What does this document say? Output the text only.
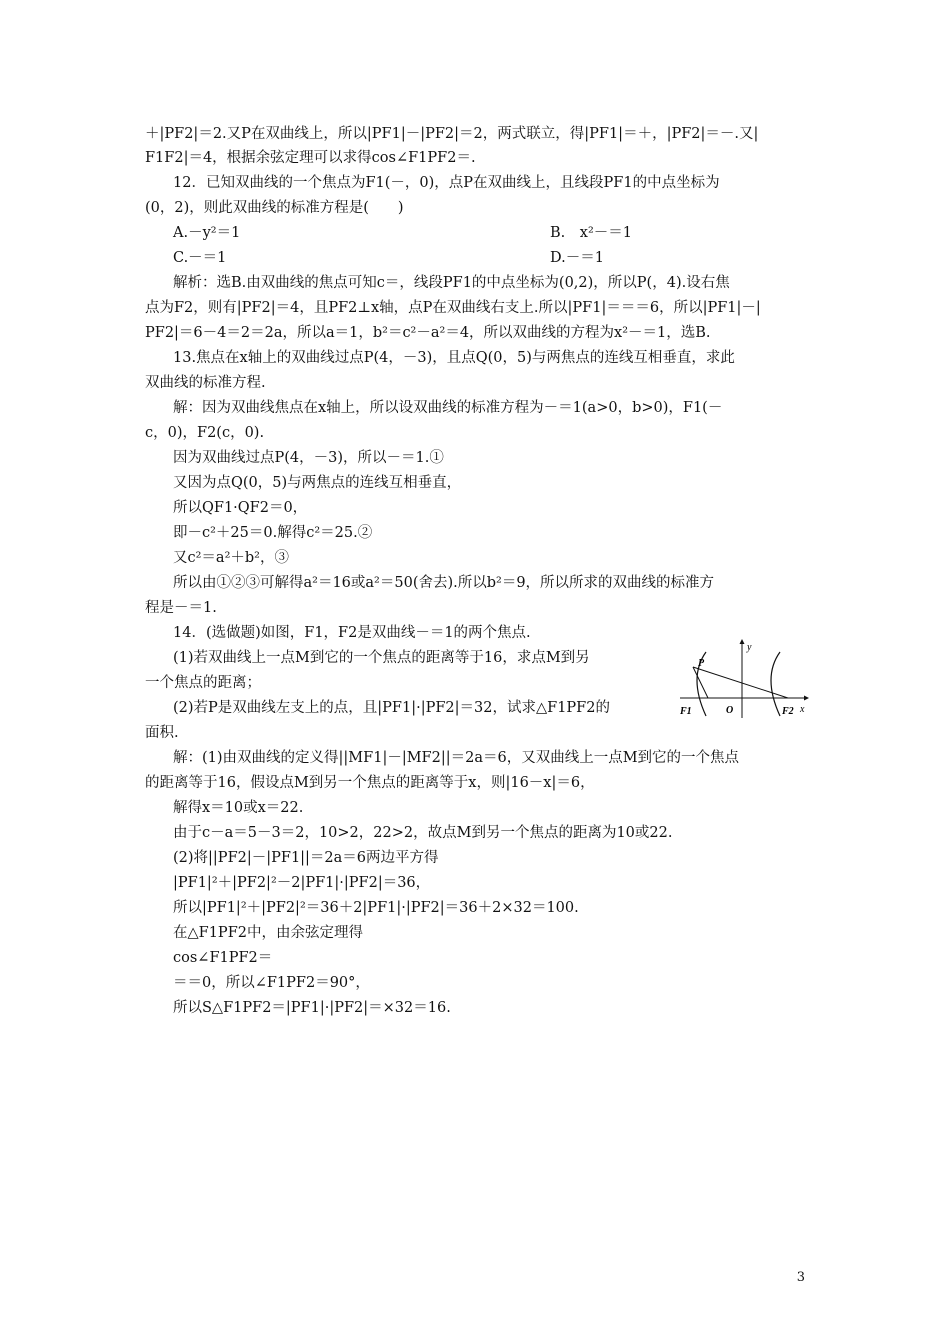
＋|PF2|＝2.又P在双曲线上，所以|PF1|－|PF2|＝2，两式联立，得|PF1|＝＋，|PF2|＝－.又|
F1F2|＝4，根据余弦定理可以求得cos∠F1PF2＝.
12．已知双曲线的一个焦点为F1(－，0)，点P在双曲线上，且线段PF1的中点坐标为
(0，2)，则此双曲线的标准方程是(　　)
A.－y²＝1	B.　x²－＝1
C.－＝1	D.－＝1
解析：选B.由双曲线的焦点可知c＝，线段PF1的中点坐标为(0,2)，所以P(，4).设右焦
点为F2，则有|PF2|＝4，且PF2⊥x轴，点P在双曲线右支上.所以|PF1|＝＝＝6，所以|PF1|－|
PF2|＝6－4＝2＝2a，所以a＝1，b²＝c²－a²＝4，所以双曲线的方程为x²－＝1，选B.
13.焦点在x轴上的双曲线过点P(4，－3)，且点Q(0，5)与两焦点的连线互相垂直，求此
双曲线的标准方程.
解：因为双曲线焦点在x轴上，所以设双曲线的标准方程为－＝1(a>0，b>0)，F1(－
c，0)，F2(c，0).
因为双曲线过点P(4，－3)，所以－＝1.①
又因为点Q(0，5)与两焦点的连线互相垂直，
所以QF1·QF2＝0，
即－c²＋25＝0.解得c²＝25.②
又c²＝a²＋b²，③
所以由①②③可解得a²＝16或a²＝50(舍去).所以b²＝9，所以所求的双曲线的标准方
程是－＝1.
14．(选做题)如图，F1，F2是双曲线－＝1的两个焦点.
(1)若双曲线上一点M到它的一个焦点的距离等于16，求点M到另
一个焦点的距离；
(2)若P是双曲线左支上的点，且|PF1|·|PF2|＝32，试求△F1PF2的
面积.
解：(1)由双曲线的定义得||MF1|－|MF2||＝2a＝6，又双曲线上一点M到它的一个焦点
的距离等于16，假设点M到另一个焦点的距离等于x，则|16－x|＝6，
解得x＝10或x＝22.
由于c－a＝5－3＝2，10>2，22>2，故点M到另一个焦点的距离为10或22.
(2)将||PF2|－|PF1||＝2a＝6两边平方得
|PF1|²＋|PF2|²－2|PF1|·|PF2|＝36，
所以|PF1|²＋|PF2|²＝36＋2|PF1|·|PF2|＝36＋2×32＝100.
在△F1PF2中，由余弦定理得
cos∠F1PF2＝
＝＝0，所以∠F1PF2＝90°，
所以S△F1PF2＝|PF1|·|PF2|＝×32＝16.
y
x
P
O
F1	F2
3
